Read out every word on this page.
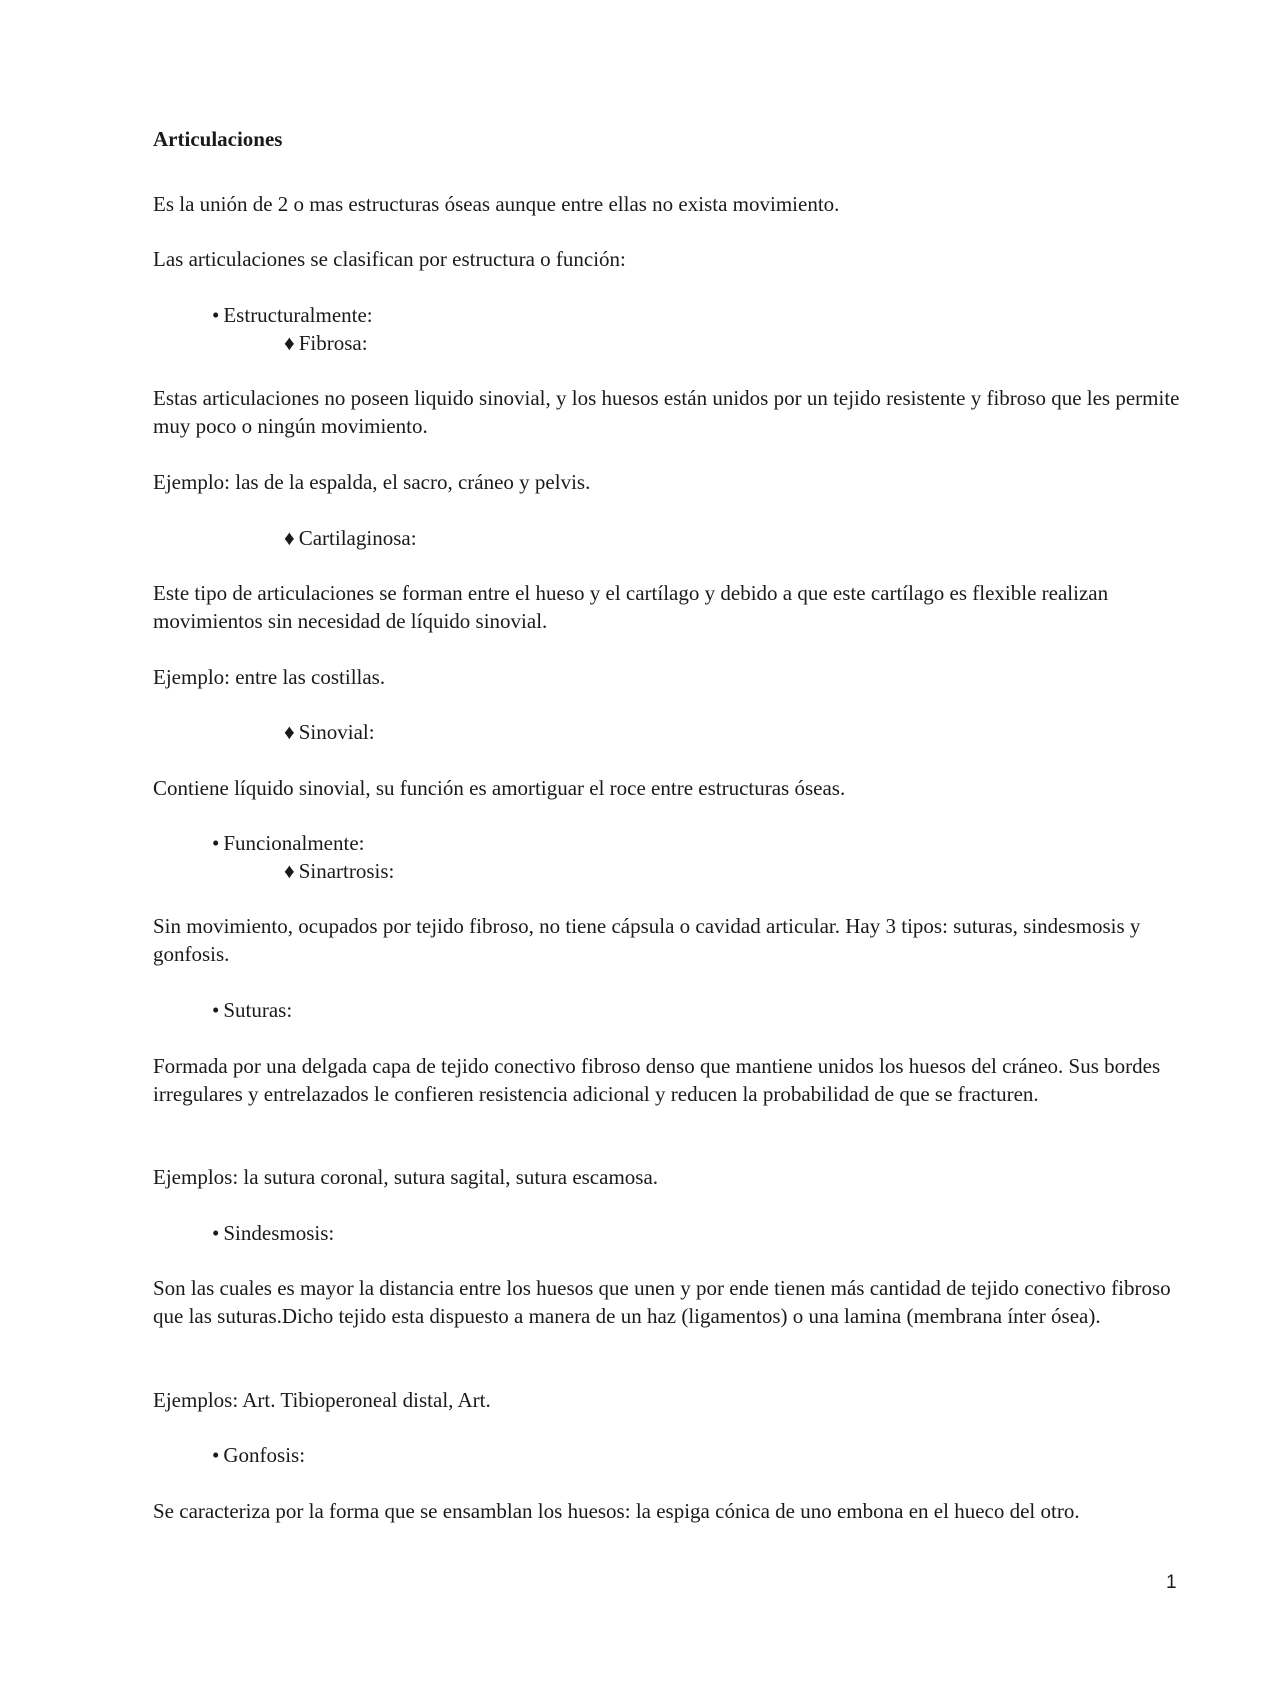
Articulaciones
Es la unión de 2 o mas estructuras óseas aunque entre ellas no exista movimiento.
Las articulaciones se clasifican por estructura o función:
• Estructuralmente:
♦ Fibrosa:
Estas articulaciones no poseen liquido sinovial, y los huesos están unidos por un tejido resistente y fibroso que les permite muy poco o ningún movimiento.
Ejemplo: las de la espalda, el sacro, cráneo y pelvis.
♦ Cartilaginosa:
Este tipo de articulaciones se forman entre el hueso y el cartílago y debido a que este cartílago es flexible realizan movimientos sin necesidad de líquido sinovial.
Ejemplo: entre las costillas.
♦ Sinovial:
Contiene líquido sinovial, su función es amortiguar el roce entre estructuras óseas.
• Funcionalmente:
♦ Sinartrosis:
Sin movimiento, ocupados por tejido fibroso, no tiene cápsula o cavidad articular. Hay 3 tipos: suturas, sindesmosis y gonfosis.
• Suturas:
Formada por una delgada capa de tejido conectivo fibroso denso que mantiene unidos los huesos del cráneo. Sus bordes irregulares y entrelazados le confieren resistencia adicional y reducen la probabilidad de que se fracturen.
Ejemplos: la sutura coronal, sutura sagital, sutura escamosa.
• Sindesmosis:
Son las cuales es mayor la distancia entre los huesos que unen y por ende tienen más cantidad de tejido conectivo fibroso que las suturas.Dicho tejido esta dispuesto a manera de un haz (ligamentos) o una lamina (membrana ínter ósea).
Ejemplos: Art. Tibioperoneal distal, Art.
• Gonfosis:
Se caracteriza por la forma que se ensamblan los huesos: la espiga cónica de uno embona en el hueco del otro.
1
